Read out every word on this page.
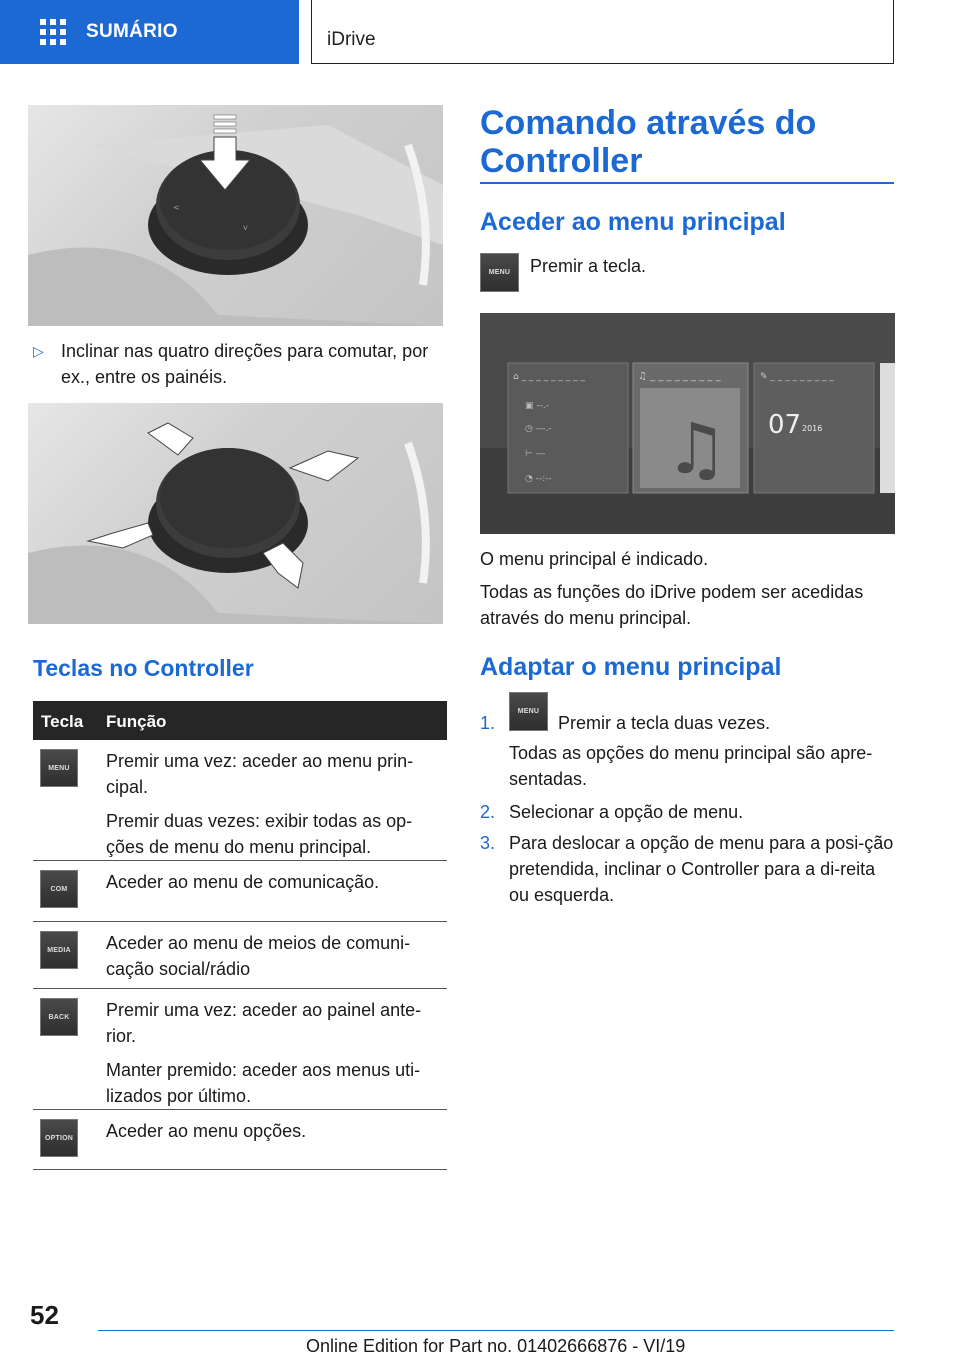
SUMÁRIO	iDrive
<
v
▷ Inclinar nas quatro direções para comutar, por ex., entre os painéis.
Teclas no Controller
Tecla Função
MENU	Premir uma vez: aceder ao menu prin-cipal.

Premir duas vezes: exibir todas as op-ções de menu do menu principal.

COM	Aceder ao menu de comunicação.

MEDIA	Aceder ao menu de meios de comuni-cação social/rádio

BACK	Premir uma vez: aceder ao painel ante-rior.

Manter premido: aceder aos menus uti-lizados por último.

OPTION Aceder ao menu opções.

Comando através do Controller
Aceder ao menu principal
MENU	Premir a tecla.

⌂ _ _ _ _ _ _ _ _ _	♫ _ _ _ _ _ _ _ _ _	✎ _ _ _ _ _ _ _ _ _
♫ 07 2016
▣ --.-
◷ ---.-
⊢ ---
◔ --:--

O menu principal é indicado.

Todas as funções do iDrive podem ser acedidas através do menu principal.

Adaptar o menu principal
1.
MENU

Premir a tecla duas vezes.

Todas as opções do menu principal são apre-sentadas.

2. Selecionar a opção de menu.

3. Para deslocar a opção de menu para a posi-ção pretendida, inclinar o Controller para a di-reita ou esquerda.

52
Online Edition for Part no. 01402666876 - VI/19
